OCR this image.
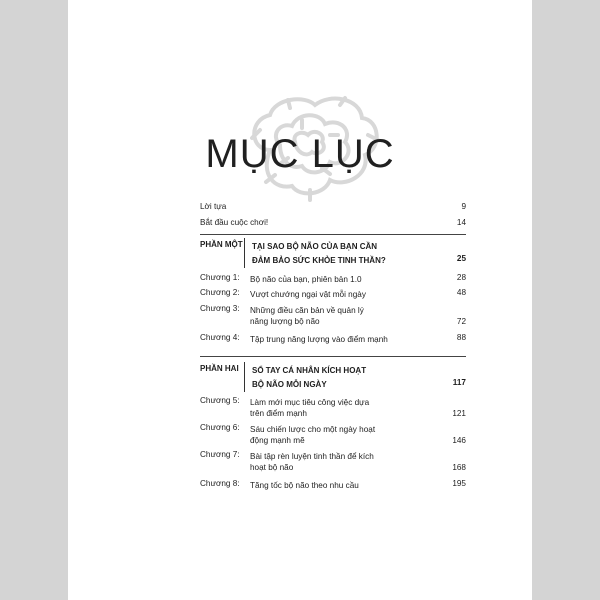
MỤC LỤC
Lời tựa	9
Bắt đầu cuộc chơi!	14
PHẦN MỘT TẠI SAO BỘ NÃO CỦA BẠN CẦN
ĐẢM BẢO SỨC KHỎE TINH THẦN?	25
Chương 1: Bộ não của bạn, phiên bản 1.0	28
Chương 2: Vượt chướng ngại vật mỗi ngày	48
Chương 3: Những điều căn bản về quản lý
năng lượng bộ não	72
Chương 4: Tập trung năng lượng vào điểm mạnh	88
PHẦN HAI SỔ TAY CÁ NHÂN KÍCH HOẠT
BỘ NÃO MỖI NGÀY	117
Chương 5: Làm mới mục tiêu công việc dựa
trên điểm mạnh	121
Chương 6: Sáu chiến lược cho một ngày hoạt
động mạnh mẽ	146
Chương 7: Bài tập rèn luyện tinh thần để kích
hoạt bộ não	168
Chương 8: Tăng tốc bộ não theo nhu cầu	195
